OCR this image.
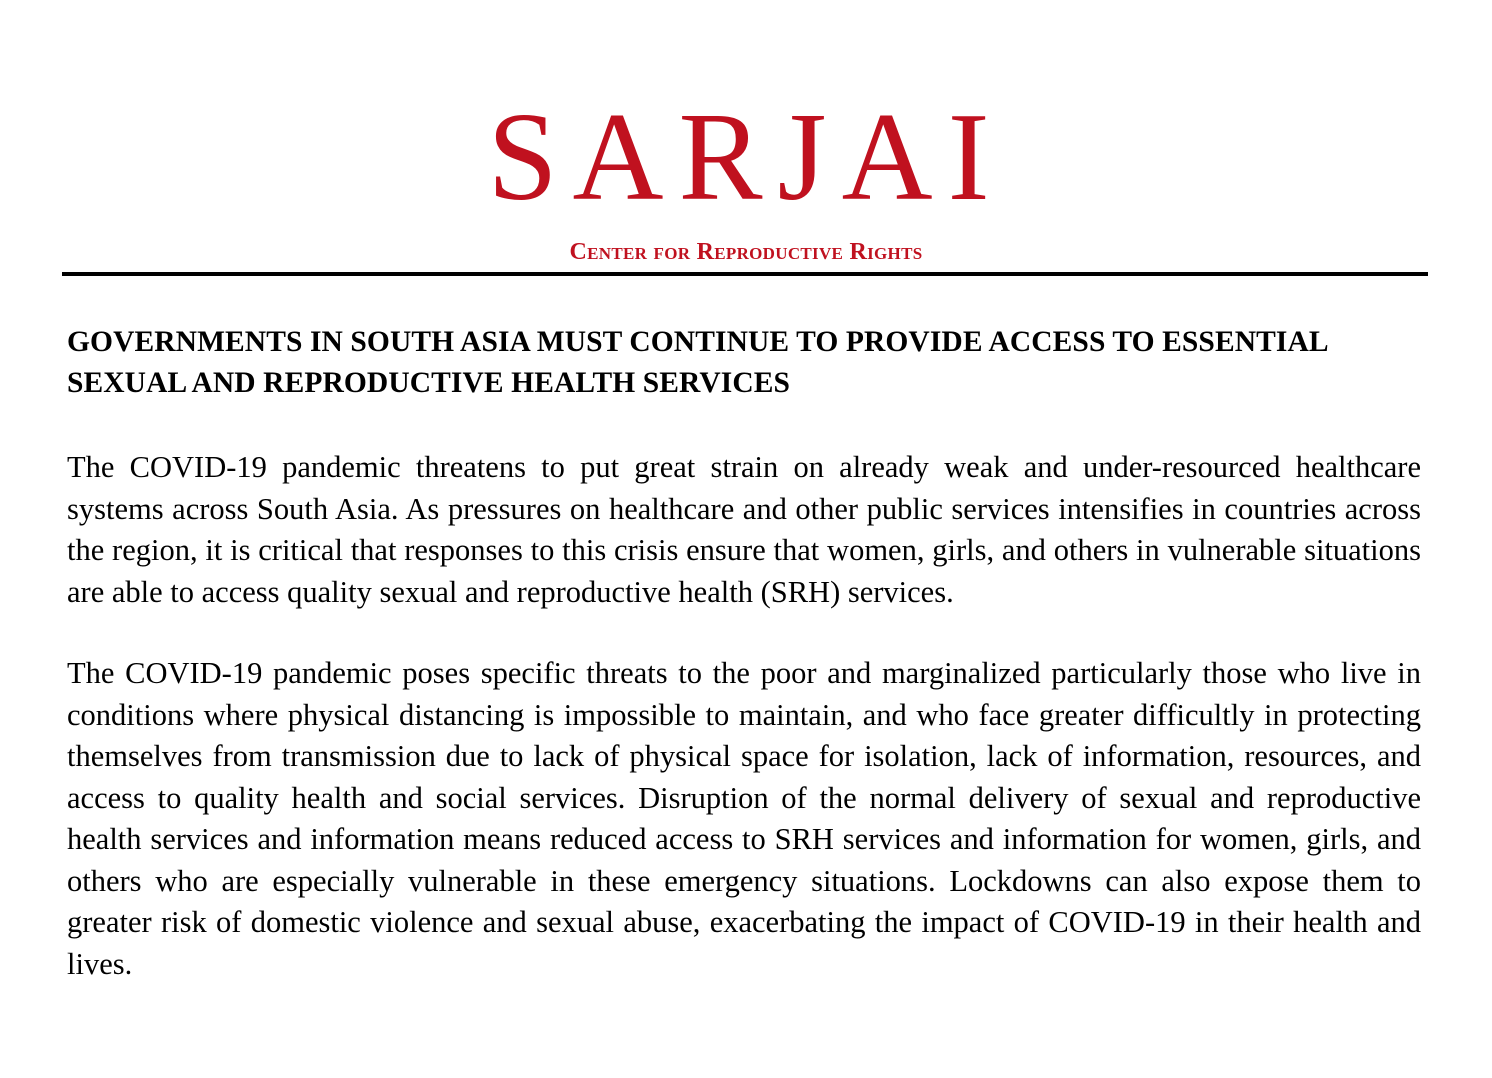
SARJAI
Center for Reproductive Rights
GOVERNMENTS IN SOUTH ASIA MUST CONTINUE TO PROVIDE ACCESS TO ESSENTIAL SEXUAL AND REPRODUCTIVE HEALTH SERVICES

The COVID-19 pandemic threatens to put great strain on already weak and under-resourced healthcare systems across South Asia. As pressures on healthcare and other public services intensifies in countries across the region, it is critical that responses to this crisis ensure that women, girls, and others in vulnerable situations are able to access quality sexual and reproductive health (SRH) services.

The COVID-19 pandemic poses specific threats to the poor and marginalized particularly those who live in conditions where physical distancing is impossible to maintain, and who face greater difficultly in protecting themselves from transmission due to lack of physical space for isolation, lack of information, resources, and access to quality health and social services. Disruption of the normal delivery of sexual and reproductive health services and information means reduced access to SRH services and information for women, girls, and others who are especially vulnerable in these emergency situations. Lockdowns can also expose them to greater risk of domestic violence and sexual abuse, exacerbating the impact of COVID-19 in their health and lives.
